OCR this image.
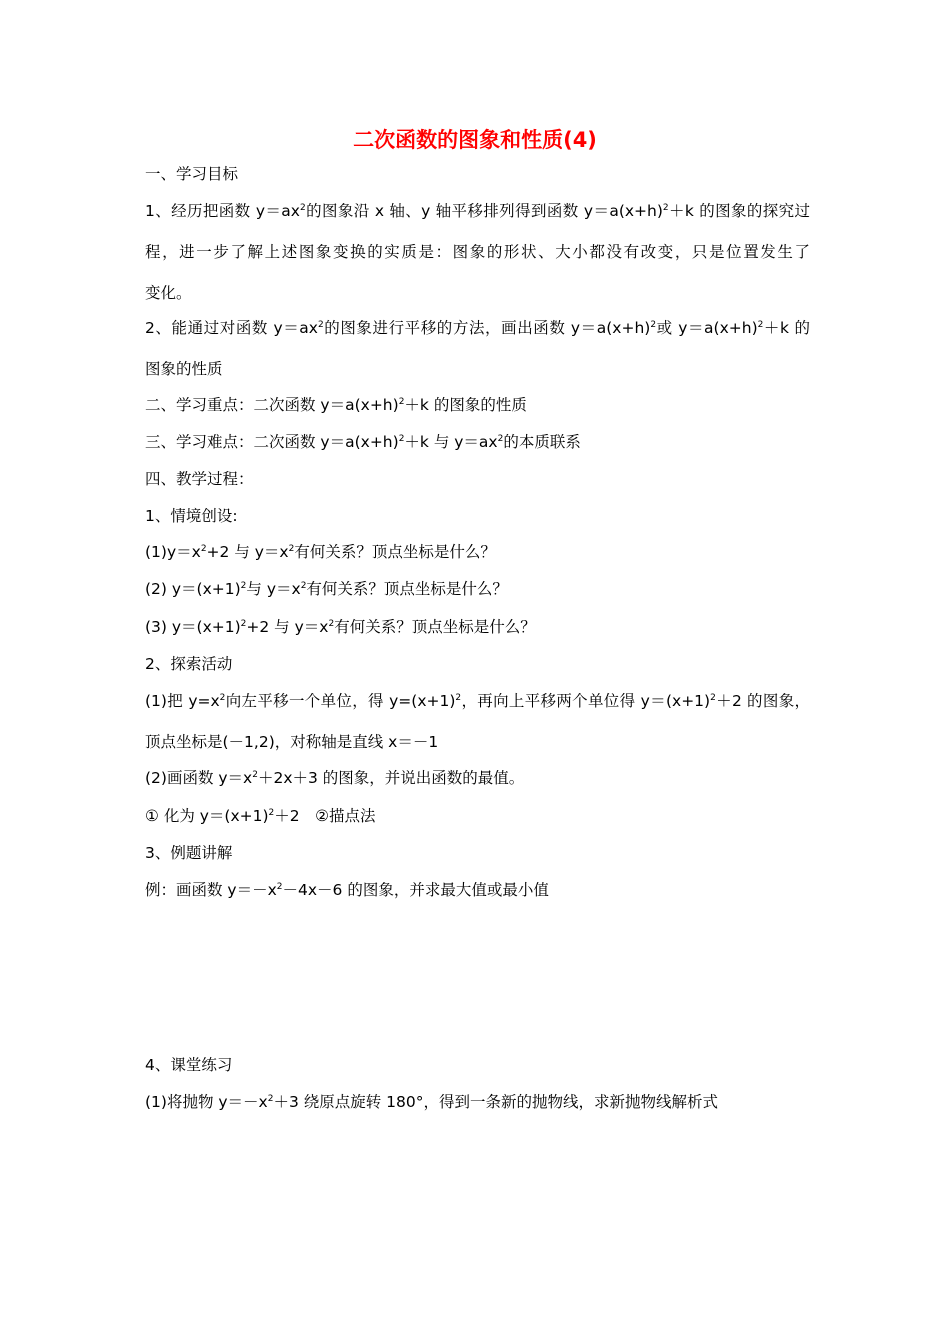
二次函数的图象和性质(4)
一、学习目标
1、经历把函数 $y=ax^2$的图象沿 x 轴、y 轴平移排列得到函数 $y=a(x+h)^2+k$ 的图象的探究过
程，进一步了解上述图象变换的实质是：图象的形状、大小都没有改变，只是位置发生了
变化。
2、能通过对函数 $y=ax^2$的图象进行平移的方法，画出函数 $y=a(x+h)^2$或 $y=a(x+h)^2+k$ 的
图象的性质
二、学习重点：二次函数 $y=a(x+h)^2+k$ 的图象的性质
三、学习难点：二次函数 $y=a(x+h)^2+k$ 与 $y=ax^2$的本质联系
四、教学过程：
1、情境创设:
$(1)y=x^2+2$ 与 $y=x^2$有何关系？顶点坐标是什么？
(2) $y=(x+1)^2$与 $y=x^2$有何关系？顶点坐标是什么？
(3) $y=(x+1)^2+2$ 与 $y=x^2$有何关系？顶点坐标是什么？
2、探索活动
(1)把 $y=x^2$向左平移一个单位，得 $y=(x+1)^2$，再向上平移两个单位得 $y=(x+1)^2+2$ 的图象，
顶点坐标是(－1,2)，对称轴是直线 x＝－1
(2)画函数 $y=x^2+2x+3$ 的图象，并说出函数的最值。
① 化为 $y=(x+1)^2+2$　②描点法
3、例题讲解
例：画函数 $y=-x^2-4x-6$ 的图象，并求最大值或最小值
4、课堂练习
(1)将抛物 $y=-x^2+3$ 绕原点旋转 180°，得到一条新的抛物线，求新抛物线解析式
